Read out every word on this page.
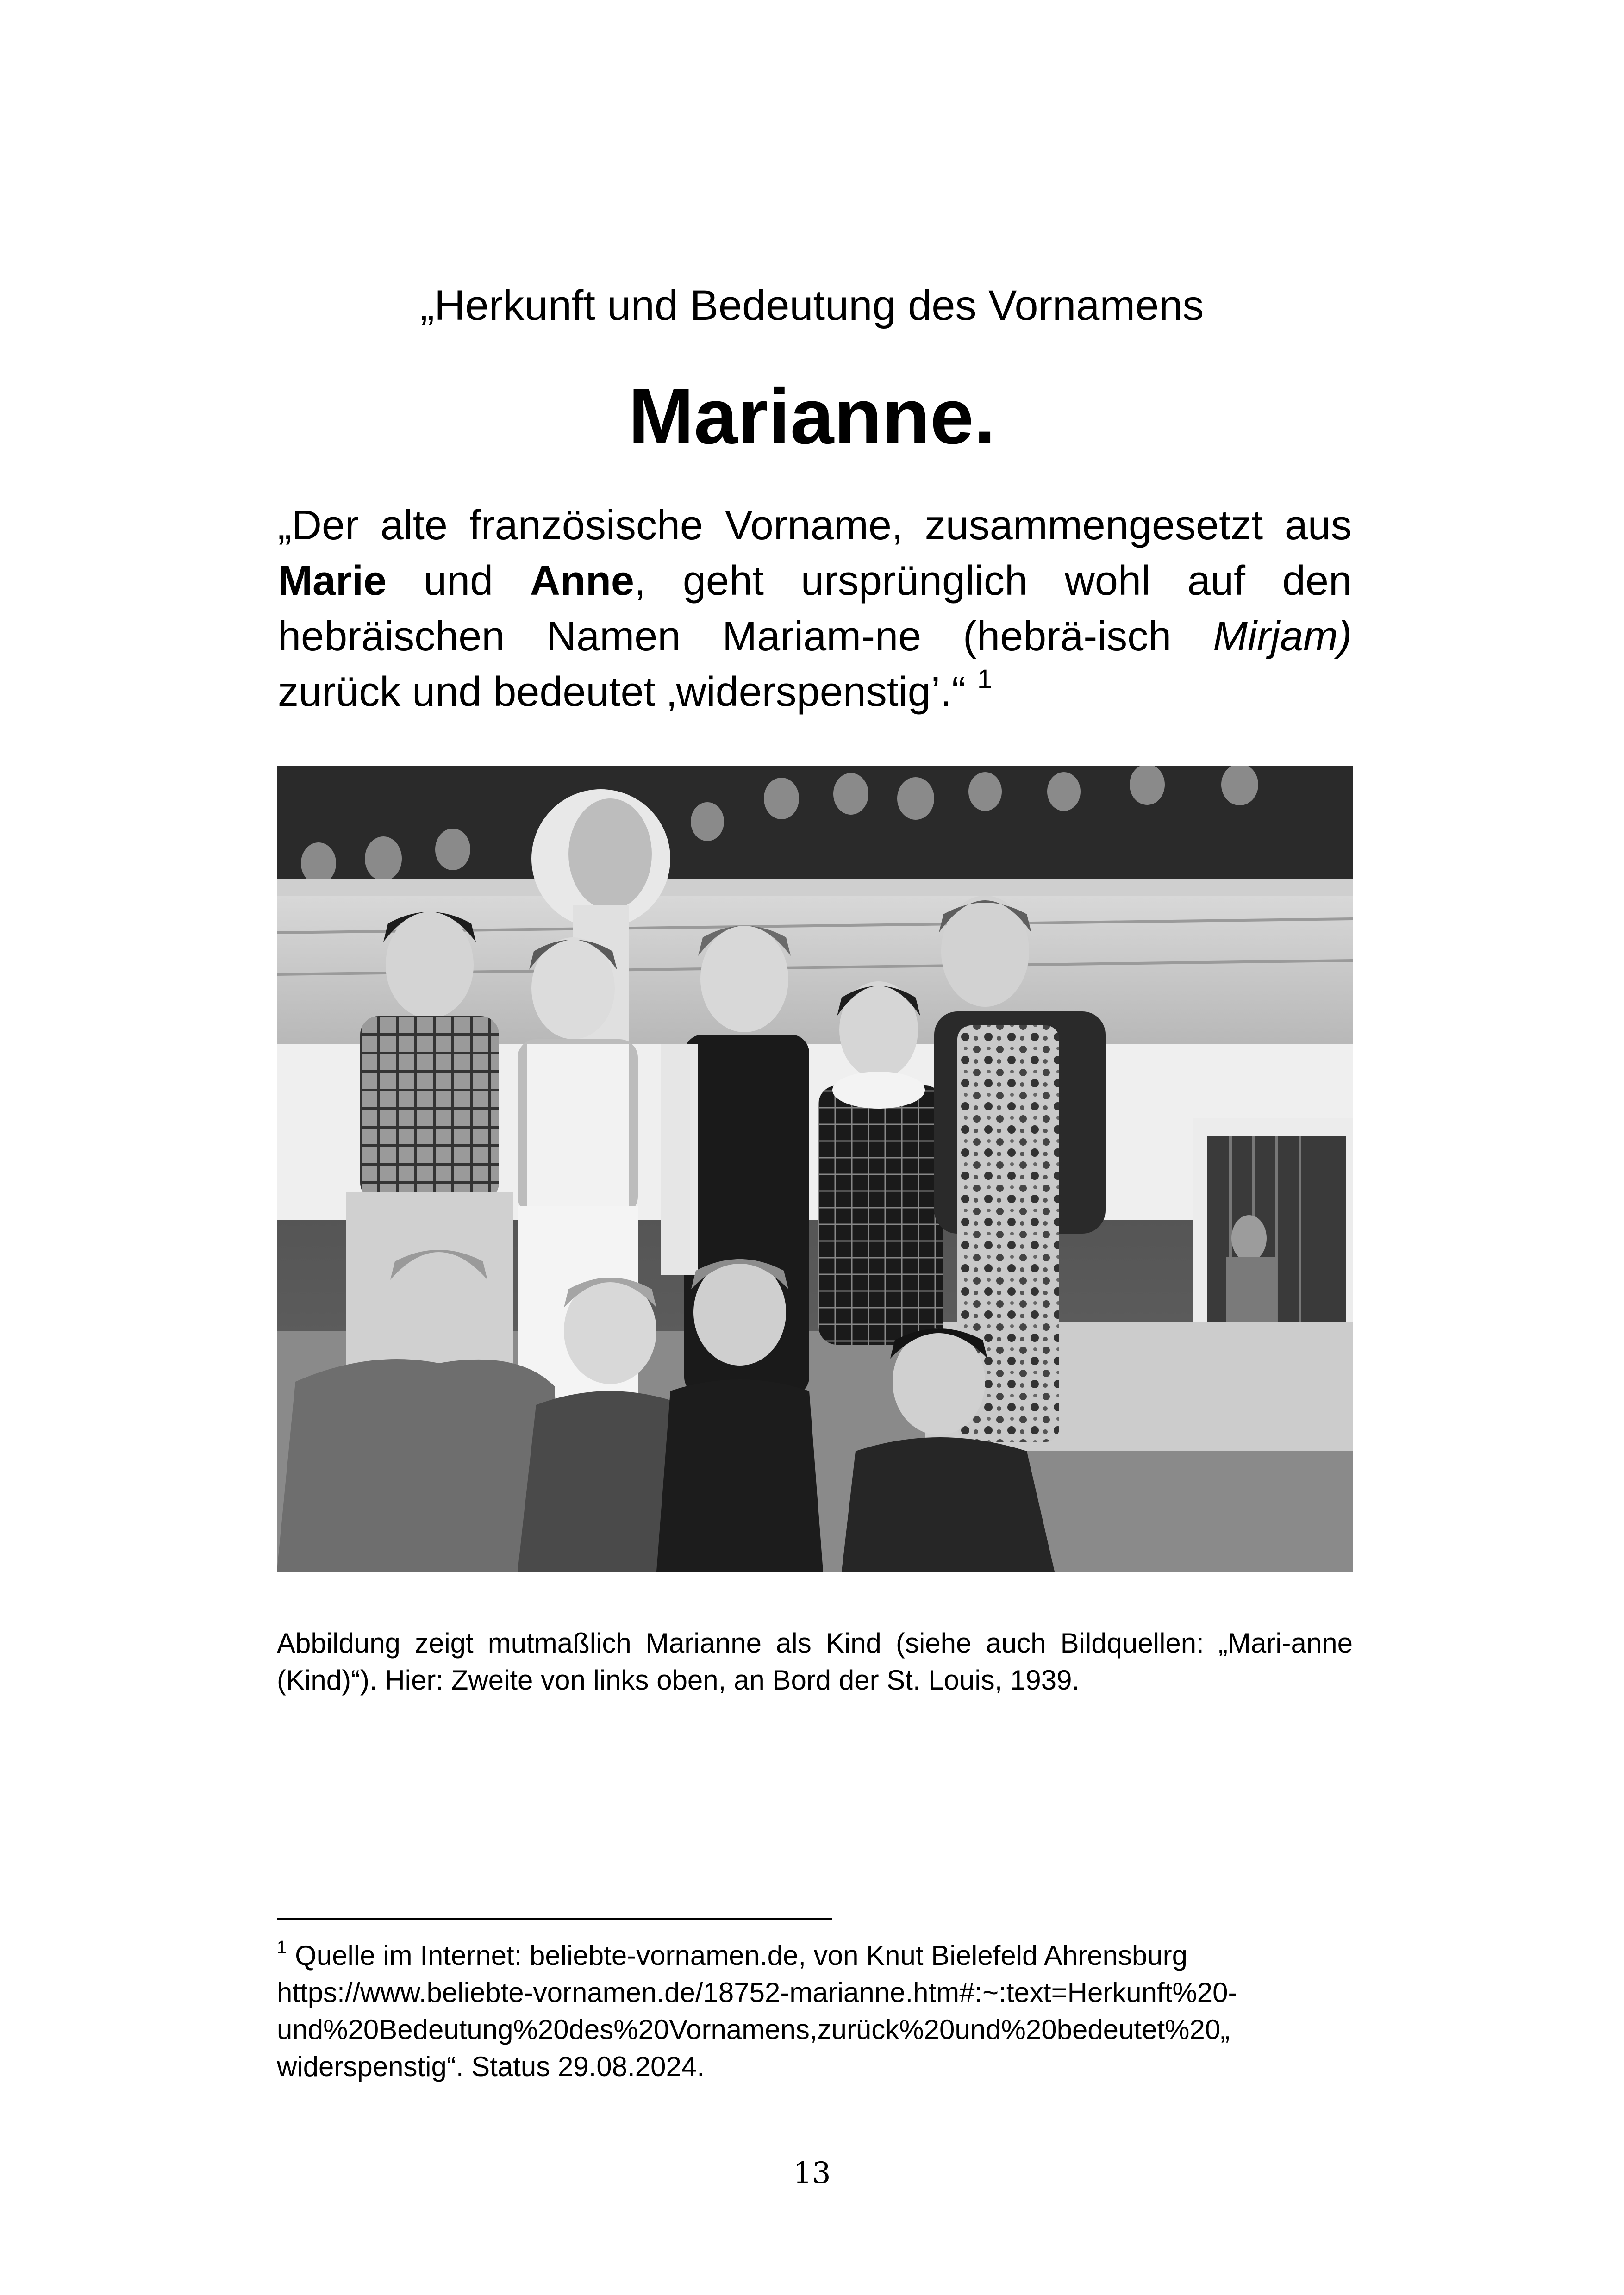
„Herkunft und Bedeutung des Vornamens
Marianne.
„Der alte französische Vorname, zusammengesetzt aus Marie und Anne, geht ursprünglich wohl auf den hebräischen Namen Mariam-ne (hebrä-isch Mirjam) zurück und bedeutet ‚widerspenstig’.“ $^1$
Abbildung zeigt mutmaßlich Marianne als Kind (siehe auch Bildquellen: „Mari-anne (Kind)“). Hier: Zweite von links oben, an Bord der St. Louis, 1939.
$^1$ Quelle im Internet: beliebte-vornamen.de, von Knut Bielefeld Ahrensburg
https://www.beliebte-vornamen.de/18752-marianne.htm#:~:text=Herkunft%20-
und%20Bedeutung%20des%20Vornamens,zurück%20und%20bedeutet%20„
widerspenstig“. Status 29.08.2024.
13
